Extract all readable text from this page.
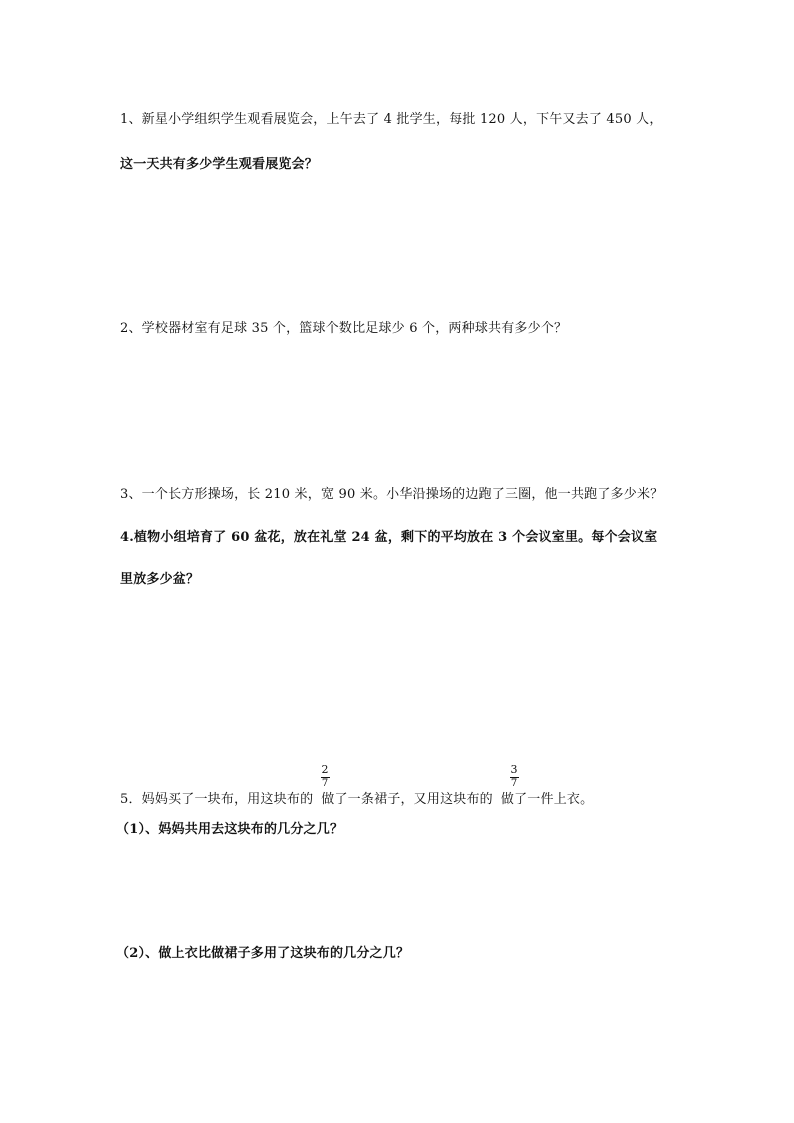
1、新星小学组织学生观看展览会，上午去了 4 批学生，每批 120 人，下午又去了 450 人，
这一天共有多少学生观看展览会？
2、学校器材室有足球 35 个，篮球个数比足球少 6 个，两种球共有多少个？
3、一个长方形操场，长 210 米，宽 90 米。小华沿操场的边跑了三圈，他一共跑了多少米？
4.植物小组培育了 60 盆花，放在礼堂 24 盆，剩下的平均放在 3 个会议室里。每个会议室
里放多少盆？
5．妈妈买了一块布，用这块布的 做了一条裙子，又用这块布的 做了一件上衣。
2
7
3
7
（1）、妈妈共用去这块布的几分之几？
（2）、做上衣比做裙子多用了这块布的几分之几？
